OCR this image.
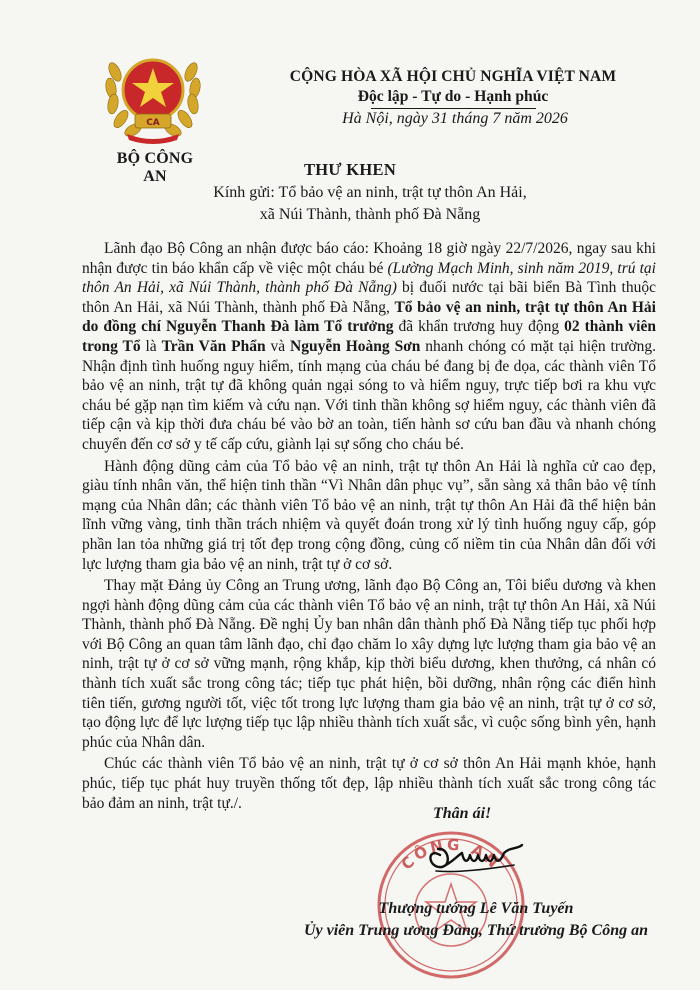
CA
BỘ CÔNG AN
CỘNG HÒA XÃ HỘI CHỦ NGHĨA VIỆT NAM
Độc lập - Tự do - Hạnh phúc
Hà Nội, ngày 31 tháng 7 năm 2026
THƯ KHEN
Kính gửi: Tổ bảo vệ an ninh, trật tự thôn An Hải,
xã Núi Thành, thành phố Đà Nẵng

Lãnh đạo Bộ Công an nhận được báo cáo: Khoảng 18 giờ ngày 22/7/2026, ngay sau khi nhận được tin báo khẩn cấp về việc một cháu bé (Lường Mạch Minh, sinh năm 2019, trú tại thôn An Hải, xã Núi Thành, thành phố Đà Nẵng) bị đuối nước tại bãi biển Bà Tình thuộc thôn An Hải, xã Núi Thành, thành phố Đà Nẵng, Tổ bảo vệ an ninh, trật tự thôn An Hải do đồng chí Nguyễn Thanh Đà làm Tổ trưởng đã khẩn trương huy động 02 thành viên trong Tổ là Trần Văn Phẩn và Nguyễn Hoàng Sơn nhanh chóng có mặt tại hiện trường. Nhận định tình huống nguy hiểm, tính mạng của cháu bé đang bị đe dọa, các thành viên Tổ bảo vệ an ninh, trật tự đã không quản ngại sóng to và hiểm nguy, trực tiếp bơi ra khu vực cháu bé gặp nạn tìm kiếm và cứu nạn. Với tinh thần không sợ hiểm nguy, các thành viên đã tiếp cận và kịp thời đưa cháu bé vào bờ an toàn, tiến hành sơ cứu ban đầu và nhanh chóng chuyển đến cơ sở y tế cấp cứu, giành lại sự sống cho cháu bé.

Hành động dũng cảm của Tổ bảo vệ an ninh, trật tự thôn An Hải là nghĩa cử cao đẹp, giàu tính nhân văn, thể hiện tinh thần “Vì Nhân dân phục vụ”, sẵn sàng xả thân bảo vệ tính mạng của Nhân dân; các thành viên Tổ bảo vệ an ninh, trật tự thôn An Hải đã thể hiện bản lĩnh vững vàng, tinh thần trách nhiệm và quyết đoán trong xử lý tình huống nguy cấp, góp phần lan tỏa những giá trị tốt đẹp trong cộng đồng, củng cố niềm tin của Nhân dân đối với lực lượng tham gia bảo vệ an ninh, trật tự ở cơ sở.

Thay mặt Đảng ủy Công an Trung ương, lãnh đạo Bộ Công an, Tôi biểu dương và khen ngợi hành động dũng cảm của các thành viên Tổ bảo vệ an ninh, trật tự thôn An Hải, xã Núi Thành, thành phố Đà Nẵng. Đề nghị Ủy ban nhân dân thành phố Đà Nẵng tiếp tục phối hợp với Bộ Công an quan tâm lãnh đạo, chỉ đạo chăm lo xây dựng lực lượng tham gia bảo vệ an ninh, trật tự ở cơ sở vững mạnh, rộng khắp, kịp thời biểu dương, khen thưởng, cá nhân có thành tích xuất sắc trong công tác; tiếp tục phát hiện, bồi dưỡng, nhân rộng các điển hình tiên tiến, gương người tốt, việc tốt trong lực lượng tham gia bảo vệ an ninh, trật tự ở cơ sở, tạo động lực để lực lượng tiếp tục lập nhiều thành tích xuất sắc, vì cuộc sống bình yên, hạnh phúc của Nhân dân.

Chúc các thành viên Tổ bảo vệ an ninh, trật tự ở cơ sở thôn An Hải mạnh khỏe, hạnh phúc, tiếp tục phát huy truyền thống tốt đẹp, lập nhiều thành tích xuất sắc trong công tác bảo đảm an ninh, trật tự./.

Thân ái!
CÔNG AN
Thượng tướng Lê Văn Tuyến
Ủy viên Trung ương Đảng, Thứ trưởng Bộ Công an
